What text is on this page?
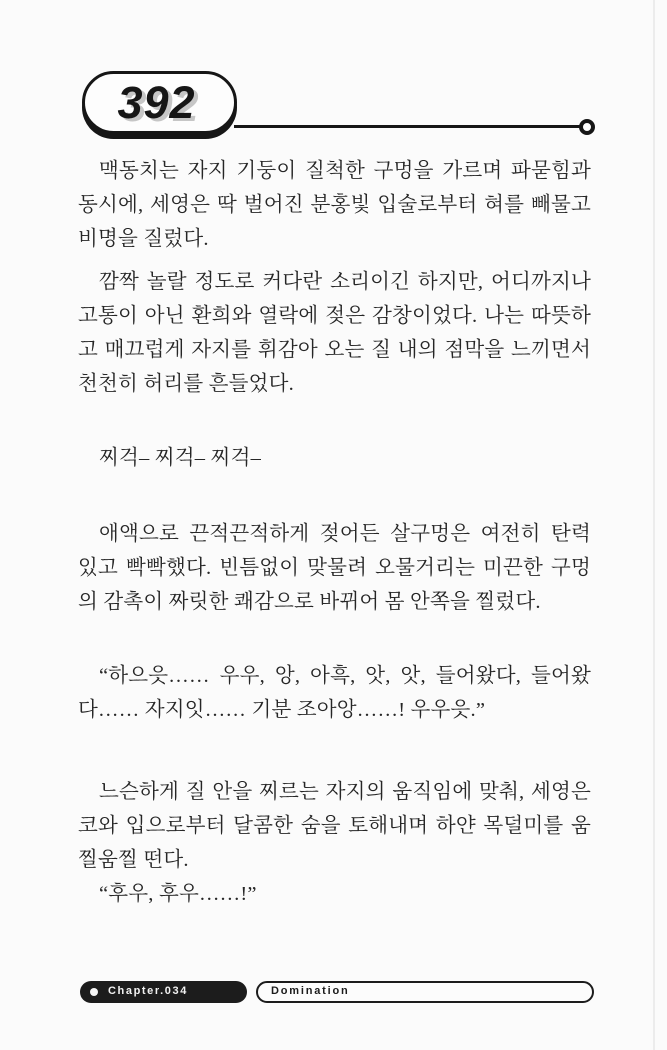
392

맥동치는 자지 기둥이 질척한 구멍을 가르며 파묻힘과 동시에, 세영은 딱 벌어진 분홍빛 입술로부터 혀를 빼물고 비명을 질렀다.

깜짝 놀랄 정도로 커다란 소리이긴 하지만, 어디까지나 고통이 아닌 환희와 열락에 젖은 감창이었다. 나는 따뜻하고 매끄럽게 자지를 휘감아 오는 질 내의 점막을 느끼면서 천천히 허리를 흔들었다.

찌걱– 찌걱– 찌걱–

애액으로 끈적끈적하게 젖어든 살구멍은 여전히 탄력 있고 빡빡했다. 빈틈없이 맞물려 오물거리는 미끈한 구멍의 감촉이 짜릿한 쾌감으로 바뀌어 몸 안쪽을 찔렀다.

“하으읏…… 우우, 앙, 아흑, 앗, 앗, 들어왔다, 들어왔다…… 자지잇…… 기분 조아앙……! 우우읏.”

느슨하게 질 안을 찌르는 자지의 움직임에 맞춰, 세영은 코와 입으로부터 달콤한 숨을 토해내며 하얀 목덜미를 움찔움찔 떤다.

“후우, 후우……!”

Chapter.034	Domination
